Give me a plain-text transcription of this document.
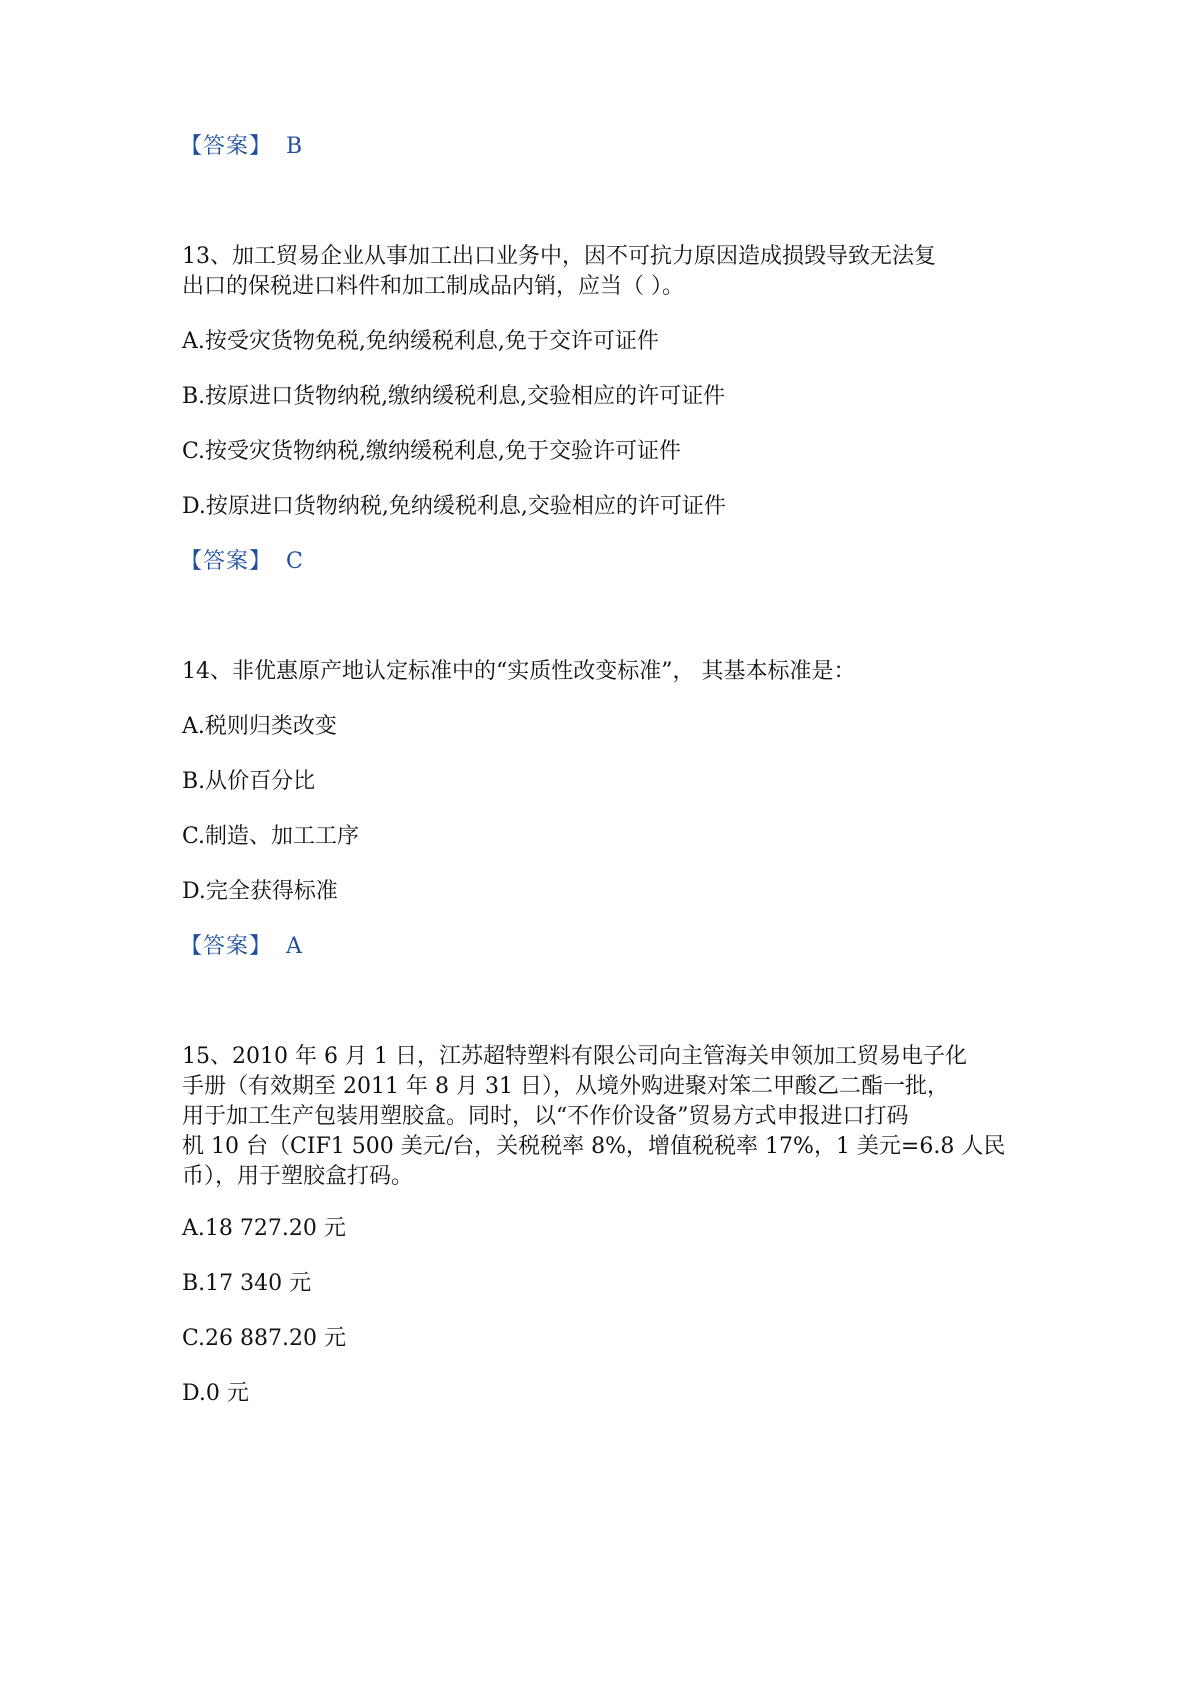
【答案】 B

13、加工贸易企业从事加工出口业务中，因不可抗力原因造成损毁导致无法复

出口的保税进口料件和加工制成品内销，应当（ ）。

A.按受灾货物免税,免纳缓税利息,免于交许可证件

B.按原进口货物纳税,缴纳缓税利息,交验相应的许可证件

C.按受灾货物纳税,缴纳缓税利息,免于交验许可证件

D.按原进口货物纳税,免纳缓税利息,交验相应的许可证件

【答案】 C

14、非优惠原产地认定标准中的“实质性改变标准”， 其基本标准是：

A.税则归类改变

B.从价百分比

C.制造、加工工序

D.完全获得标准

【答案】 A

15、2010 年 6 月 1 日，江苏超特塑料有限公司向主管海关申领加工贸易电子化

手册（有效期至 2011 年 8 月 31 日），从境外购进聚对笨二甲酸乙二酯一批，

用于加工生产包装用塑胶盒。同时，以“不作价设备”贸易方式申报进口打码

机 10 台（CIF1 500 美元/台，关税税率 8%，增值税税率 17%，1 美元=6.8 人民

币），用于塑胶盒打码。

A.18 727.20 元

B.17 340 元

C.26 887.20 元

D.0 元
